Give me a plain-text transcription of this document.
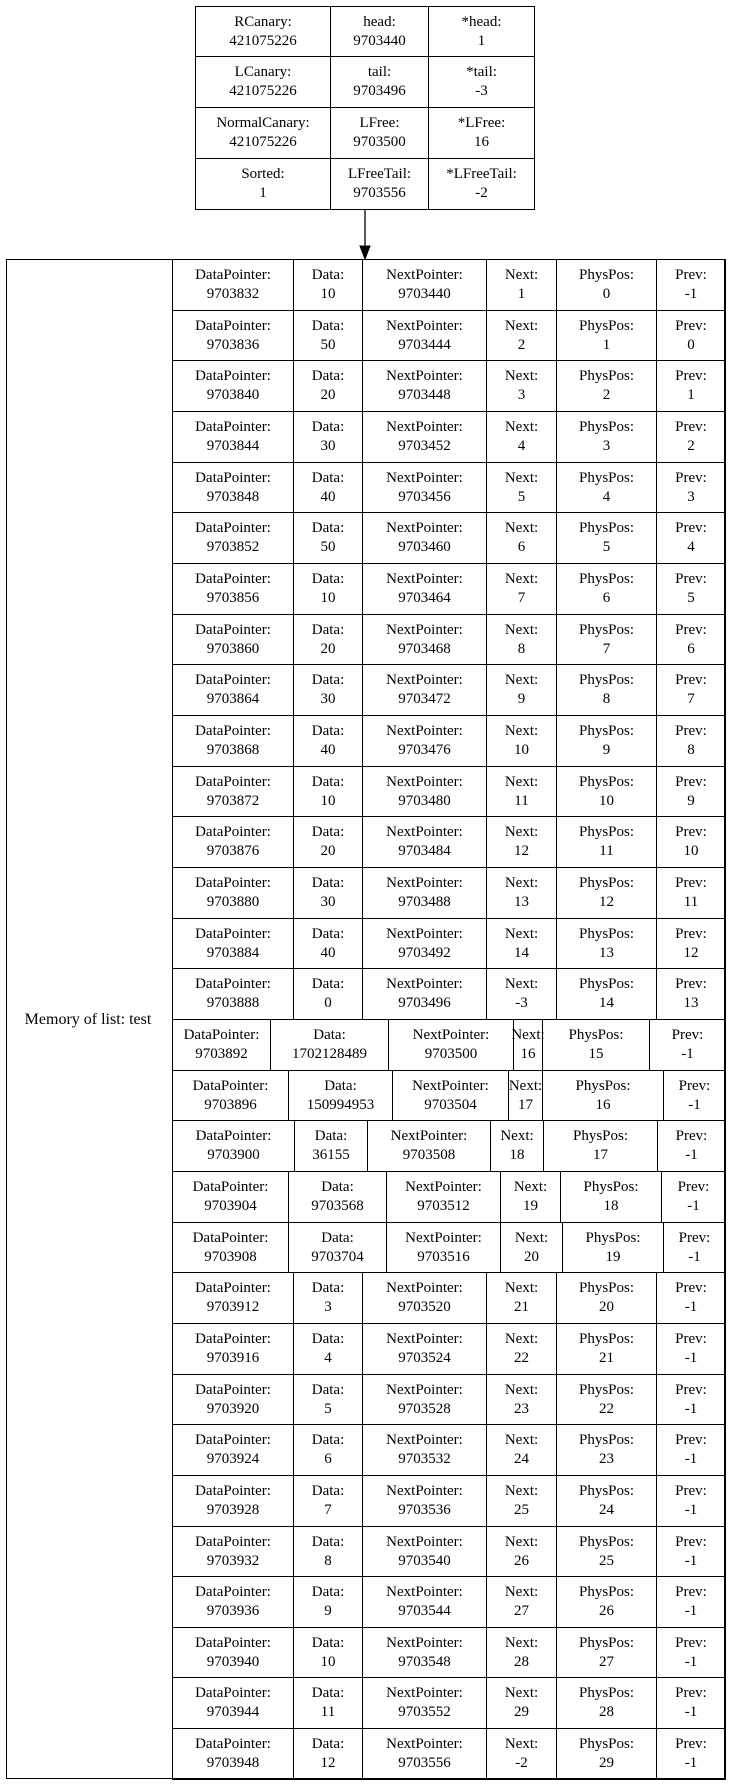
RCanary:
421075226
head:
9703440
*head:
1
LCanary:
421075226
tail:
9703496
*tail:
-3
NormalCanary:
421075226
LFree:
9703500
*LFree:
16
Sorted:
1
LFreeTail:
9703556
*LFreeTail:
-2
Memory of list: test
DataPointer:
9703832
Data:
10
NextPointer:
9703440
Next:
1
PhysPos:
0
Prev:
-1
DataPointer:
9703836
Data:
50
NextPointer:
9703444
Next:
2
PhysPos:
1
Prev:
0
DataPointer:
9703840
Data:
20
NextPointer:
9703448
Next:
3
PhysPos:
2
Prev:
1
DataPointer:
9703844
Data:
30
NextPointer:
9703452
Next:
4
PhysPos:
3
Prev:
2
DataPointer:
9703848
Data:
40
NextPointer:
9703456
Next:
5
PhysPos:
4
Prev:
3
DataPointer:
9703852
Data:
50
NextPointer:
9703460
Next:
6
PhysPos:
5
Prev:
4
DataPointer:
9703856
Data:
10
NextPointer:
9703464
Next:
7
PhysPos:
6
Prev:
5
DataPointer:
9703860
Data:
20
NextPointer:
9703468
Next:
8
PhysPos:
7
Prev:
6
DataPointer:
9703864
Data:
30
NextPointer:
9703472
Next:
9
PhysPos:
8
Prev:
7
DataPointer:
9703868
Data:
40
NextPointer:
9703476
Next:
10
PhysPos:
9
Prev:
8
DataPointer:
9703872
Data:
10
NextPointer:
9703480
Next:
11
PhysPos:
10
Prev:
9
DataPointer:
9703876
Data:
20
NextPointer:
9703484
Next:
12
PhysPos:
11
Prev:
10
DataPointer:
9703880
Data:
30
NextPointer:
9703488
Next:
13
PhysPos:
12
Prev:
11
DataPointer:
9703884
Data:
40
NextPointer:
9703492
Next:
14
PhysPos:
13
Prev:
12
DataPointer:
9703888
Data:
0
NextPointer:
9703496
Next:
-3
PhysPos:
14
Prev:
13
DataPointer:
9703892
Data:
1702128489
NextPointer:
9703500
Next:
16
PhysPos:
15
Prev:
-1
DataPointer:
9703896
Data:
150994953
NextPointer:
9703504
Next:
17
PhysPos:
16
Prev:
-1
DataPointer:
9703900
Data:
36155
NextPointer:
9703508
Next:
18
PhysPos:
17
Prev:
-1
DataPointer:
9703904
Data:
9703568
NextPointer:
9703512
Next:
19
PhysPos:
18
Prev:
-1
DataPointer:
9703908
Data:
9703704
NextPointer:
9703516
Next:
20
PhysPos:
19
Prev:
-1
DataPointer:
9703912
Data:
3
NextPointer:
9703520
Next:
21
PhysPos:
20
Prev:
-1
DataPointer:
9703916
Data:
4
NextPointer:
9703524
Next:
22
PhysPos:
21
Prev:
-1
DataPointer:
9703920
Data:
5
NextPointer:
9703528
Next:
23
PhysPos:
22
Prev:
-1
DataPointer:
9703924
Data:
6
NextPointer:
9703532
Next:
24
PhysPos:
23
Prev:
-1
DataPointer:
9703928
Data:
7
NextPointer:
9703536
Next:
25
PhysPos:
24
Prev:
-1
DataPointer:
9703932
Data:
8
NextPointer:
9703540
Next:
26
PhysPos:
25
Prev:
-1
DataPointer:
9703936
Data:
9
NextPointer:
9703544
Next:
27
PhysPos:
26
Prev:
-1
DataPointer:
9703940
Data:
10
NextPointer:
9703548
Next:
28
PhysPos:
27
Prev:
-1
DataPointer:
9703944
Data:
11
NextPointer:
9703552
Next:
29
PhysPos:
28
Prev:
-1
DataPointer:
9703948
Data:
12
NextPointer:
9703556
Next:
-2
PhysPos:
29
Prev:
-1
